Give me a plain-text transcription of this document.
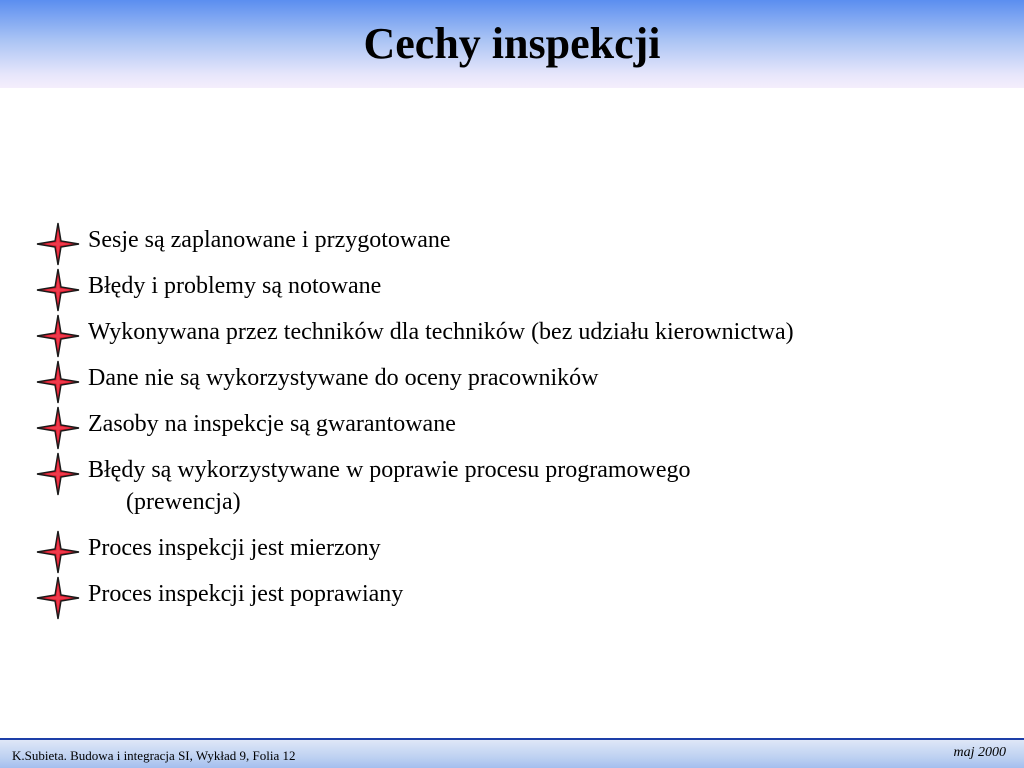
Cechy inspekcji
Sesje są zaplanowane i przygotowane
Błędy i problemy są notowane
Wykonywana przez techników dla techników (bez udziału kierownictwa)
Dane nie są wykorzystywane do oceny pracowników
Zasoby na inspekcje są gwarantowane
Błędy są wykorzystywane w poprawie procesu programowego
(prewencja)
Proces inspekcji jest mierzony
Proces inspekcji jest poprawiany
K.Subieta. Budowa i integracja SI, Wykład 9, Folia 12	maj 2000
